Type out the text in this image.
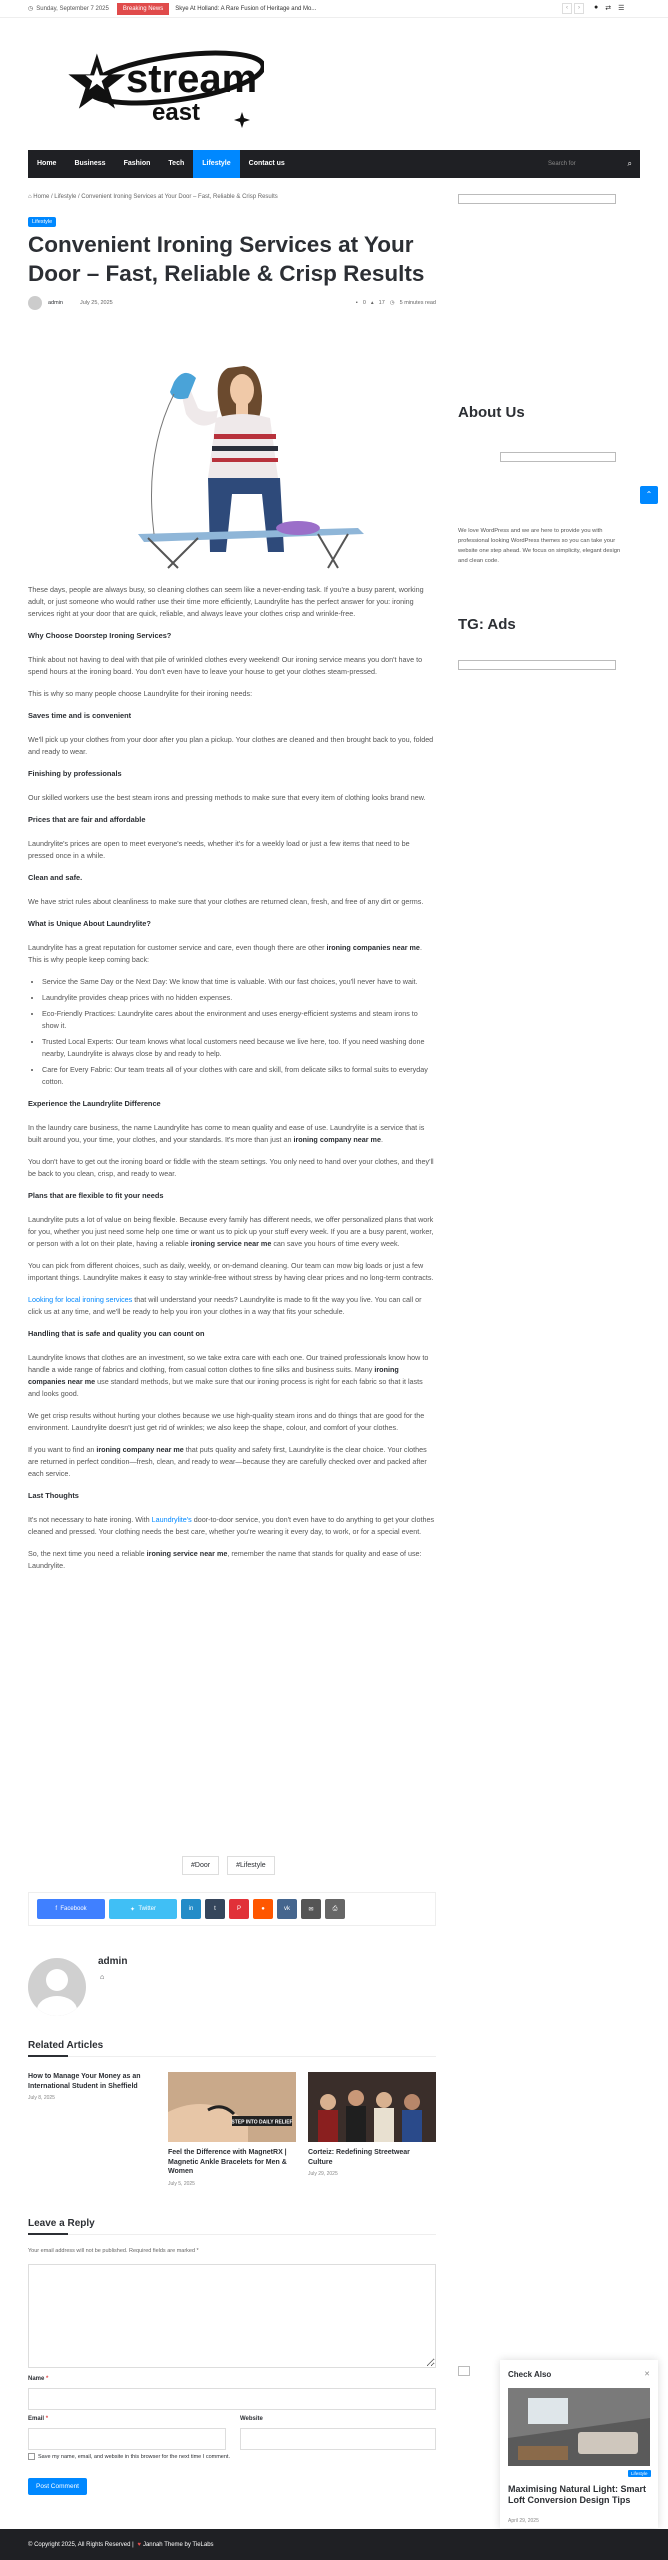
◷ Sunday, September 7 2025	Breaking News	Skye At Holland: A Rare Fusion of Heritage and Mo...	‹	›	● ⇄ ☰
stream
east
Home	Business	Fashion	Tech	Lifestyle	Contact us	Search for	⌕
⌂ Home / Lifestyle / Convenient Ironing Services at Your Door – Fast, Reliable & Crisp Results
Lifestyle
Convenient Ironing Services at Your Door – Fast, Reliable & Crisp Results
admin	July 25, 2025	▪ 0 ▴ 17 ◷ 5 minutes read

These days, people are always busy, so cleaning clothes can seem like a never-ending task. If you're a busy parent, working adult, or just someone who would rather use their time more efficiently, Laundrylite has the perfect answer for you: ironing services right at your door that are quick, reliable, and always leave your clothes crisp and wrinkle-free.

Why Choose Doorstep Ironing Services?

Think about not having to deal with that pile of wrinkled clothes every weekend! Our ironing service means you don't have to spend hours at the ironing board. You don't even have to leave your house to get your clothes steam-pressed.

This is why so many people choose Laundrylite for their ironing needs:

Saves time and is convenient

We'll pick up your clothes from your door after you plan a pickup. Your clothes are cleaned and then brought back to you, folded and ready to wear.

Finishing by professionals

Our skilled workers use the best steam irons and pressing methods to make sure that every item of clothing looks brand new.

Prices that are fair and affordable

Laundrylite's prices are open to meet everyone's needs, whether it's for a weekly load or just a few items that need to be pressed once in a while.

Clean and safe.

We have strict rules about cleanliness to make sure that your clothes are returned clean, fresh, and free of any dirt or germs.

What is Unique About Laundrylite?

Laundrylite has a great reputation for customer service and care, even though there are other ironing companies near me. This is why people keep coming back:

• Service the Same Day or the Next Day: We know that time is valuable. With our fast choices, you'll never have to wait.
• Laundrylite provides cheap prices with no hidden expenses.
• Eco-Friendly Practices: Laundrylite cares about the environment and uses energy-efficient systems and steam irons to show it.
• Trusted Local Experts: Our team knows what local customers need because we live here, too. If you need washing done nearby, Laundrylite is always close by and ready to help.
• Care for Every Fabric: Our team treats all of your clothes with care and skill, from delicate silks to formal suits to everyday cotton.
Experience the Laundrylite Difference

In the laundry care business, the name Laundrylite has come to mean quality and ease of use. Laundrylite is a service that is built around you, your time, your clothes, and your standards. It's more than just an ironing company near me.

You don't have to get out the ironing board or fiddle with the steam settings. You only need to hand over your clothes, and they'll be back to you clean, crisp, and ready to wear.

Plans that are flexible to fit your needs

Laundrylite puts a lot of value on being flexible. Because every family has different needs, we offer personalized plans that work for you, whether you just need some help one time or want us to pick up your stuff every week. If you are a busy parent, worker, or person with a lot on their plate, having a reliable ironing service near me can save you hours of time every week.

You can pick from different choices, such as daily, weekly, or on-demand cleaning. Our team can mow big loads or just a few important things. Laundrylite makes it easy to stay wrinkle-free without stress by having clear prices and no long-term contracts.

Looking for local ironing services that will understand your needs? Laundrylite is made to fit the way you live. You can call or click us at any time, and we'll be ready to help you iron your clothes in a way that fits your schedule.

Handling that is safe and quality you can count on

Laundrylite knows that clothes are an investment, so we take extra care with each one. Our trained professionals know how to handle a wide range of fabrics and clothing, from casual cotton clothes to fine silks and business suits. Many ironing companies near me use standard methods, but we make sure that our ironing process is right for each fabric so that it lasts and looks good.

We get crisp results without hurting your clothes because we use high-quality steam irons and do things that are good for the environment. Laundrylite doesn't just get rid of wrinkles; we also keep the shape, colour, and comfort of your clothes.

If you want to find an ironing company near me that puts quality and safety first, Laundrylite is the clear choice. Your clothes are returned in perfect condition—fresh, clean, and ready to wear—because they are carefully checked over and packed after each service.

Last Thoughts

It's not necessary to hate ironing. With Laundrylite's door-to-door service, you don't even have to do anything to get your clothes cleaned and pressed. Your clothing needs the best care, whether you're wearing it every day, to work, or for a special event.

So, the next time you need a reliable ironing service near me, remember the name that stands for quality and ease of use: Laundrylite.

About Us
We love WordPress and we are here to provide you with professional looking WordPress themes so you can take your website one step ahead. We focus on simplicity, elegant design and clean code.
TG: Ads
⌃
#Door	#Lifestyle
f Facebook	✦ Twitter	in	t	P	●	vk	✉	⎙
admin
⌂
Related Articles
How to Manage Your Money as an International Student in Sheffield
July 8, 2025
STEP INTO DAILY RELIEF
Feel the Difference with MagnetRX | Magnetic Ankle Bracelets for Men & Women
July 5, 2025
Corteiz: Redefining Streetwear Culture
July 29, 2025
Leave a Reply
Your email address will not be published. Required fields are marked *
Name *
Email *	Website
Save my name, email, and website in this browser for the next time I comment.
Post Comment
Check Also	✕
Lifestyle
Maximising Natural Light: Smart Loft Conversion Design Tips
April 29, 2025
© Copyright 2025, All Rights Reserved
|
♥ Jannah Theme by TieLabs
